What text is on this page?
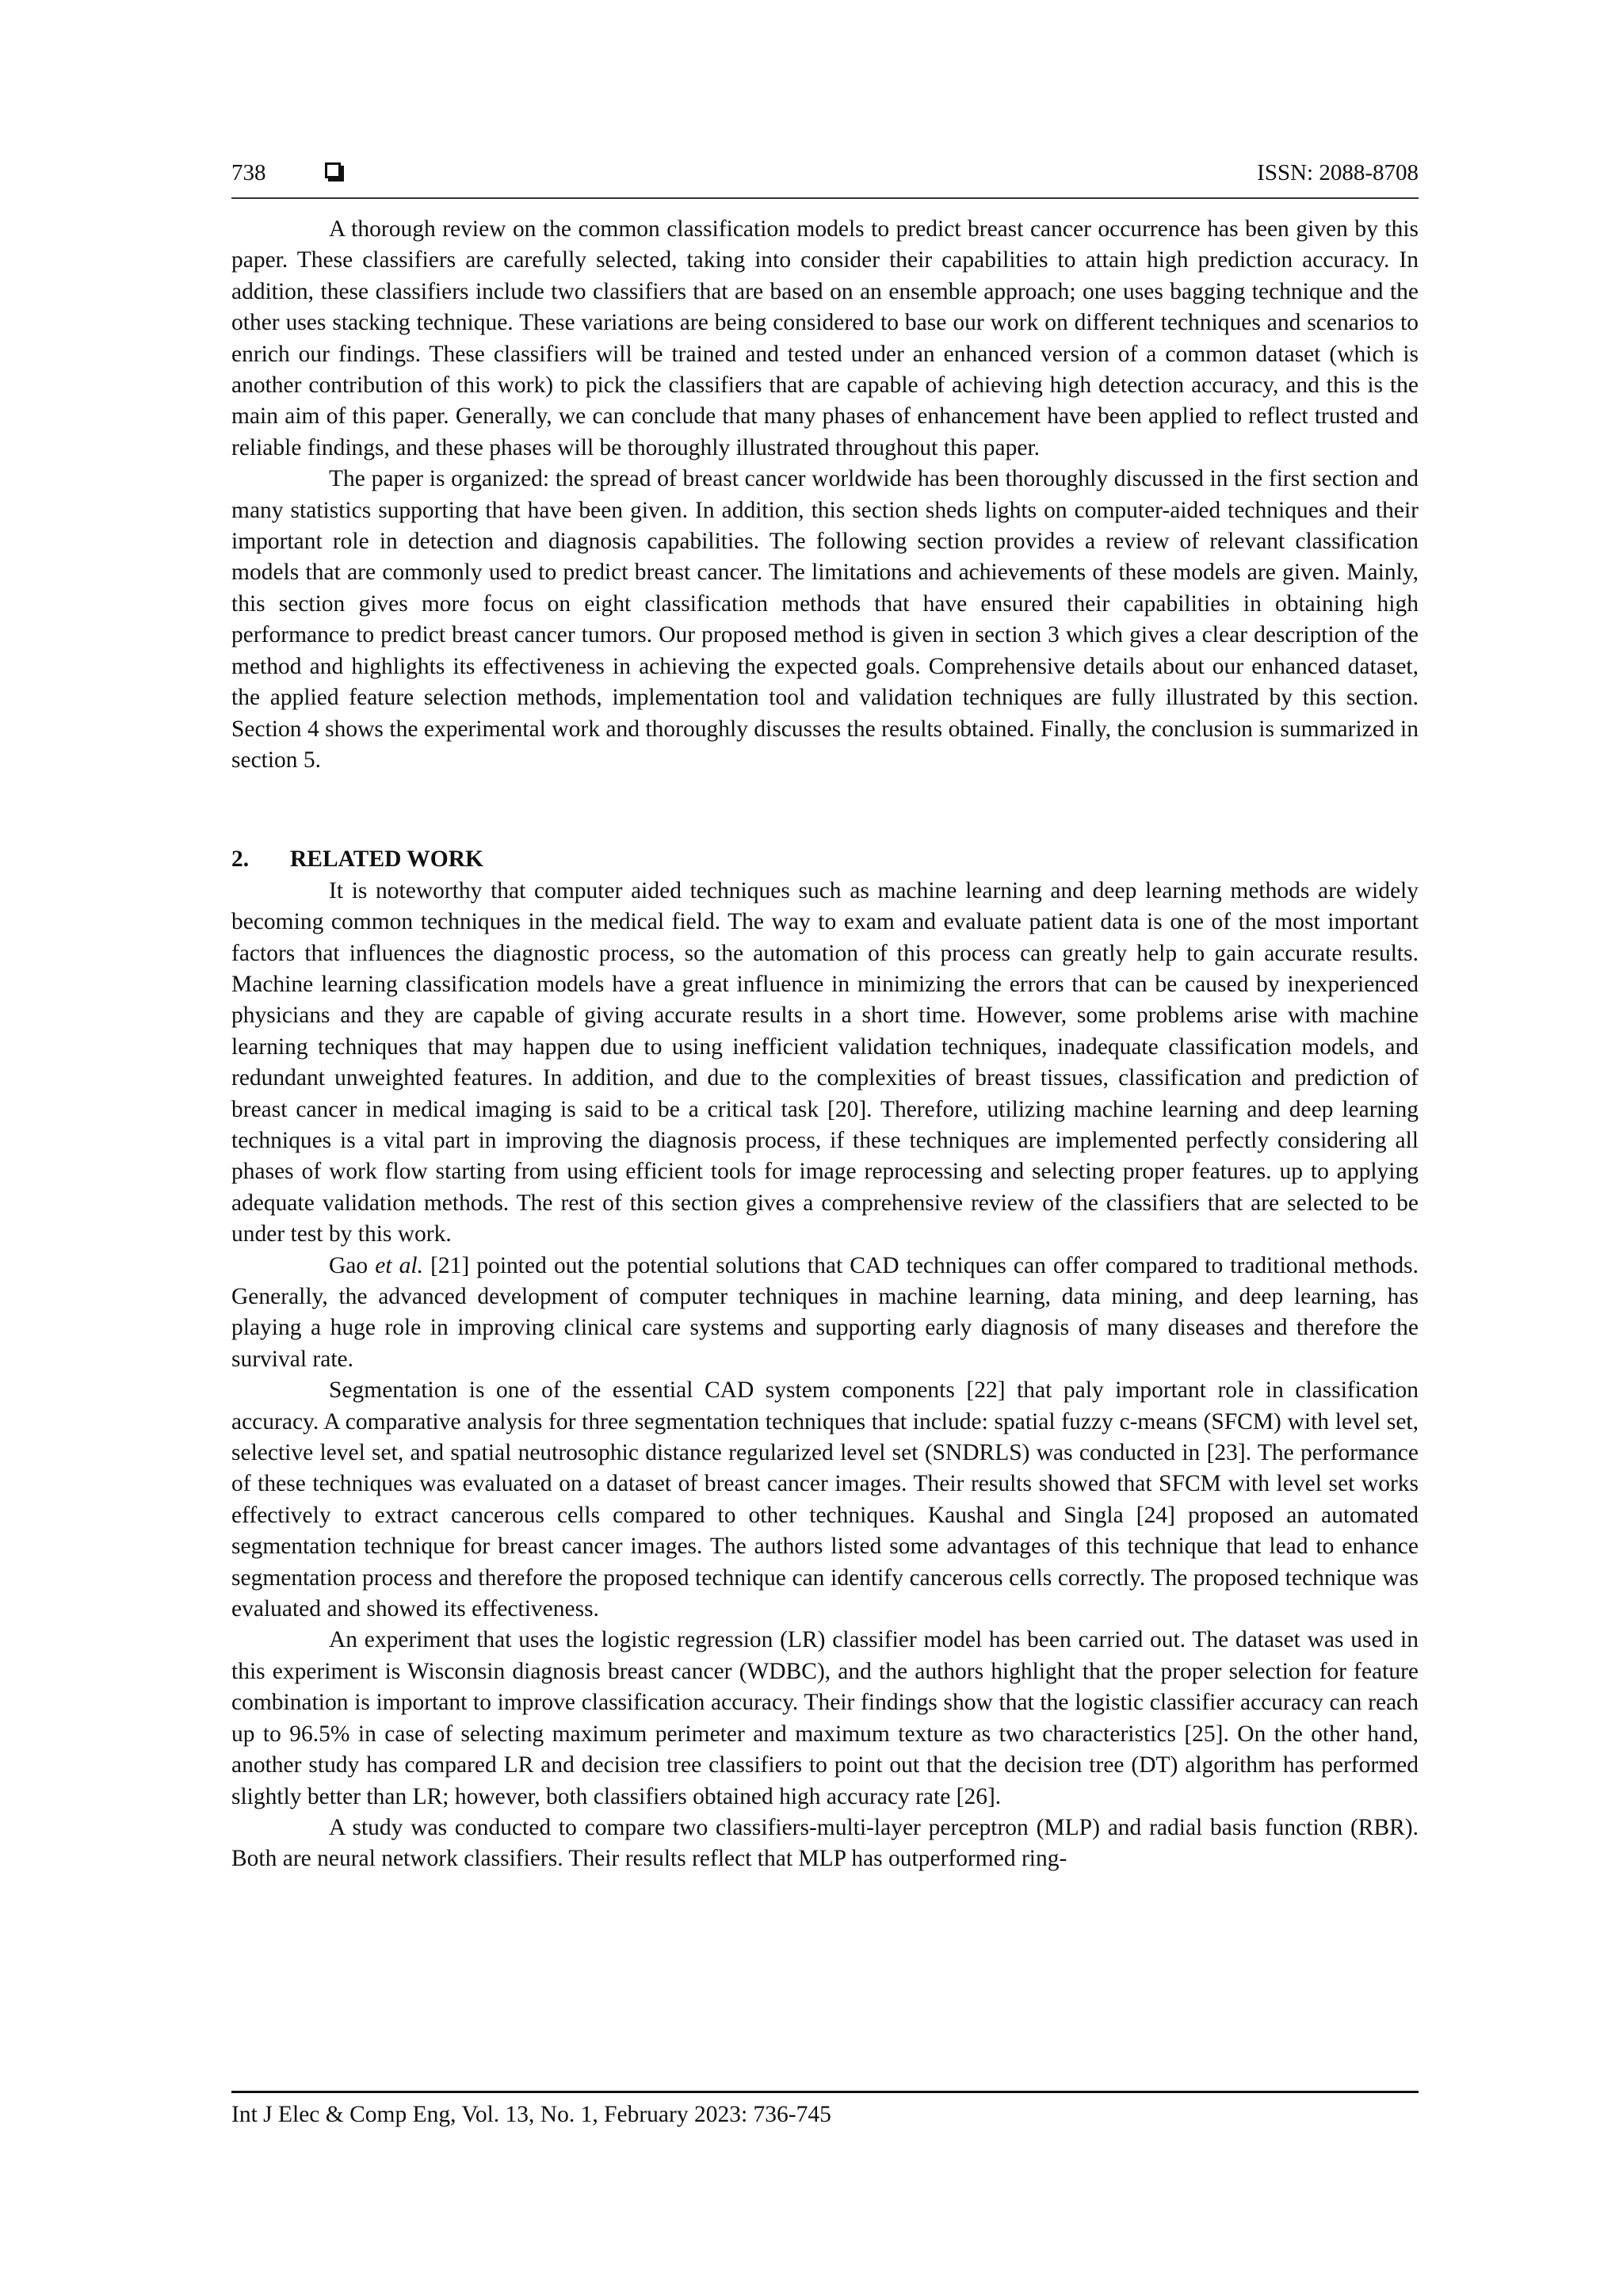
738	ISSN: 2088-8708

A thorough review on the common classification models to predict breast cancer occurrence has been given by this paper. These classifiers are carefully selected, taking into consider their capabilities to attain high prediction accuracy. In addition, these classifiers include two classifiers that are based on an ensemble approach; one uses bagging technique and the other uses stacking technique. These variations are being considered to base our work on different techniques and scenarios to enrich our findings. These classifiers will be trained and tested under an enhanced version of a common dataset (which is another contribution of this work) to pick the classifiers that are capable of achieving high detection accuracy, and this is the main aim of this paper. Generally, we can conclude that many phases of enhancement have been applied to reflect trusted and reliable findings, and these phases will be thoroughly illustrated throughout this paper.

The paper is organized: the spread of breast cancer worldwide has been thoroughly discussed in the first section and many statistics supporting that have been given. In addition, this section sheds lights on computer-aided techniques and their important role in detection and diagnosis capabilities. The following section provides a review of relevant classification models that are commonly used to predict breast cancer. The limitations and achievements of these models are given. Mainly, this section gives more focus on eight classification methods that have ensured their capabilities in obtaining high performance to predict breast cancer tumors. Our proposed method is given in section 3 which gives a clear description of the method and highlights its effectiveness in achieving the expected goals. Comprehensive details about our enhanced dataset, the applied feature selection methods, implementation tool and validation techniques are fully illustrated by this section. Section 4 shows the experimental work and thoroughly discusses the results obtained. Finally, the conclusion is summarized in section 5.

2. RELATED WORK

It is noteworthy that computer aided techniques such as machine learning and deep learning methods are widely becoming common techniques in the medical field. The way to exam and evaluate patient data is one of the most important factors that influences the diagnostic process, so the automation of this process can greatly help to gain accurate results. Machine learning classification models have a great influence in minimizing the errors that can be caused by inexperienced physicians and they are capable of giving accurate results in a short time. However, some problems arise with machine learning techniques that may happen due to using inefficient validation techniques, inadequate classification models, and redundant unweighted features. In addition, and due to the complexities of breast tissues, classification and prediction of breast cancer in medical imaging is said to be a critical task [20]. Therefore, utilizing machine learning and deep learning techniques is a vital part in improving the diagnosis process, if these techniques are implemented perfectly considering all phases of work flow starting from using efficient tools for image reprocessing and selecting proper features. up to applying adequate validation methods. The rest of this section gives a comprehensive review of the classifiers that are selected to be under test by this work.

Gao et al. [21] pointed out the potential solutions that CAD techniques can offer compared to traditional methods. Generally, the advanced development of computer techniques in machine learning, data mining, and deep learning, has playing a huge role in improving clinical care systems and supporting early diagnosis of many diseases and therefore the survival rate.

Segmentation is one of the essential CAD system components [22] that paly important role in classification accuracy. A comparative analysis for three segmentation techniques that include: spatial fuzzy c-means (SFCM) with level set, selective level set, and spatial neutrosophic distance regularized level set (SNDRLS) was conducted in [23]. The performance of these techniques was evaluated on a dataset of breast cancer images. Their results showed that SFCM with level set works effectively to extract cancerous cells compared to other techniques. Kaushal and Singla [24] proposed an automated segmentation technique for breast cancer images. The authors listed some advantages of this technique that lead to enhance segmentation process and therefore the proposed technique can identify cancerous cells correctly. The proposed technique was evaluated and showed its effectiveness.

An experiment that uses the logistic regression (LR) classifier model has been carried out. The dataset was used in this experiment is Wisconsin diagnosis breast cancer (WDBC), and the authors highlight that the proper selection for feature combination is important to improve classification accuracy. Their findings show that the logistic classifier accuracy can reach up to 96.5% in case of selecting maximum perimeter and maximum texture as two characteristics [25]. On the other hand, another study has compared LR and decision tree classifiers to point out that the decision tree (DT) algorithm has performed slightly better than LR; however, both classifiers obtained high accuracy rate [26].

A study was conducted to compare two classifiers-multi-layer perceptron (MLP) and radial basis function (RBR). Both are neural network classifiers. Their results reflect that MLP has outperformed ring-

Int J Elec & Comp Eng, Vol. 13, No. 1, February 2023: 736-745
